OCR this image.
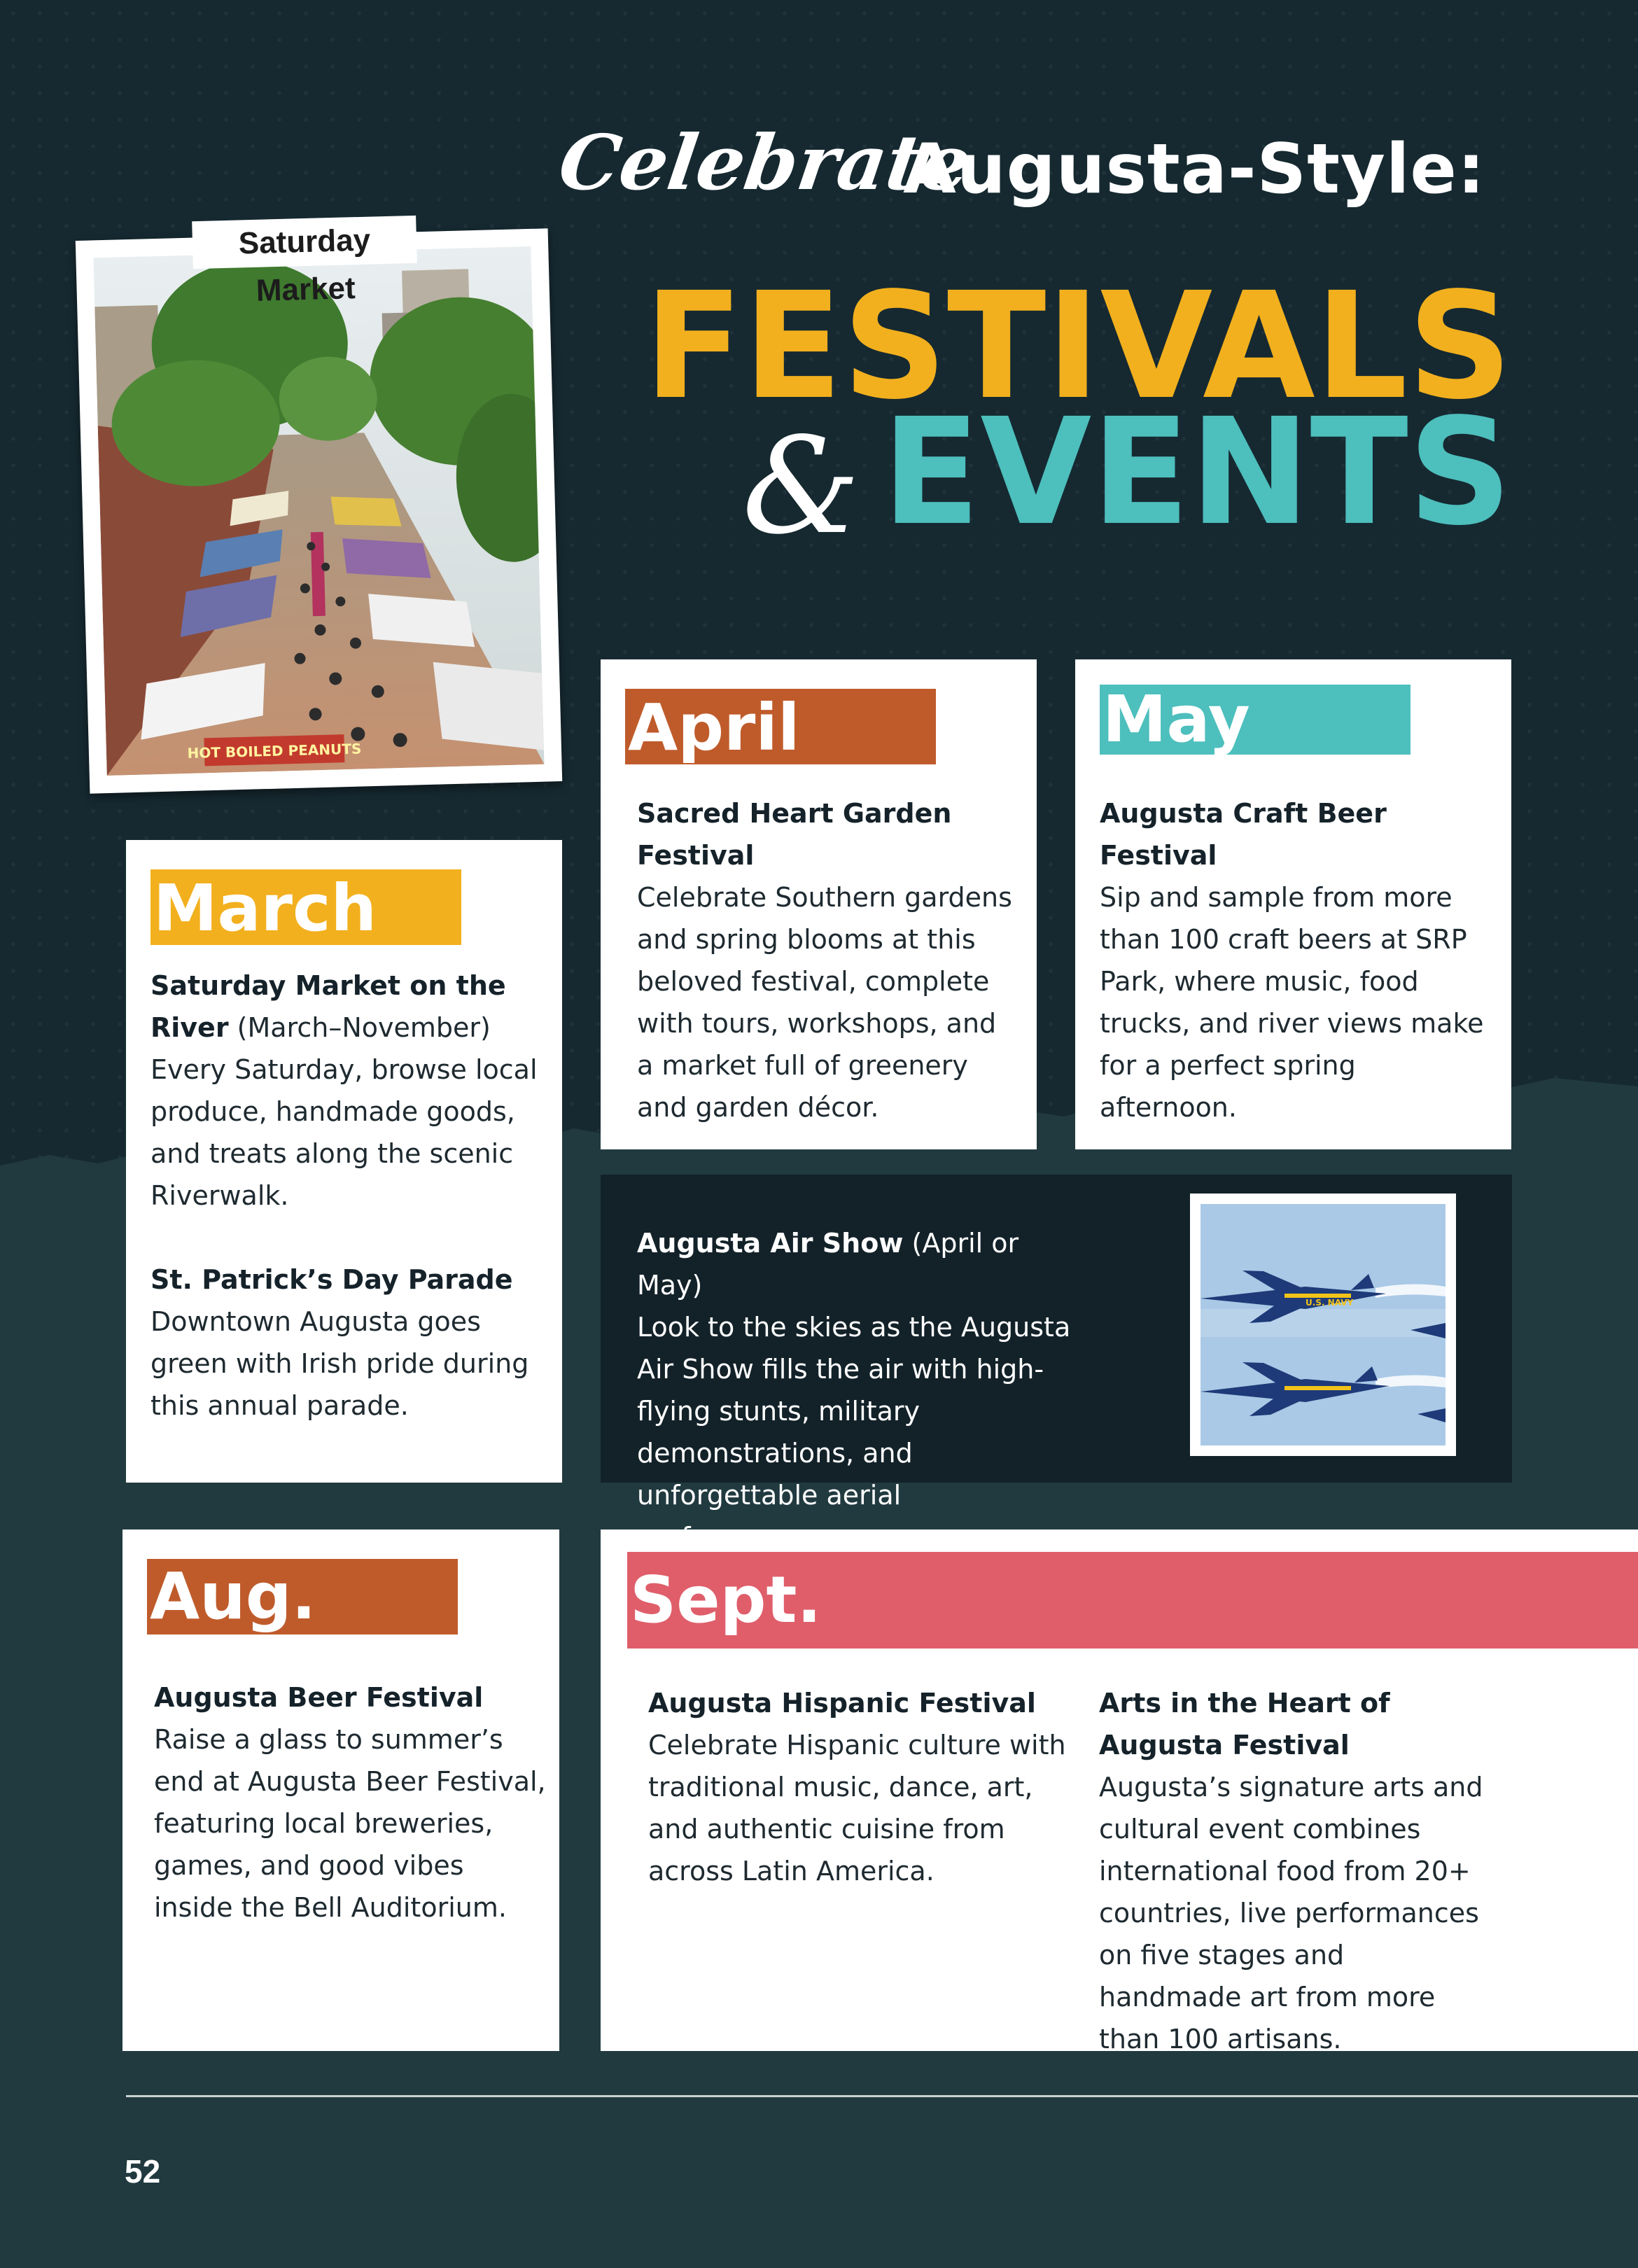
Celebrate
Augusta-Style:
FESTIVALS
& EVENTS
HOT BOILED PEANUTS
Saturday Market
March
Saturday Market on the River (March–November)
Every Saturday, browse local produce, handmade goods, and treats along the scenic Riverwalk.
St. Patrick’s Day Parade
Downtown Augusta goes green with Irish pride during this annual parade.
April
Sacred Heart Garden Festival
Celebrate Southern gardens and spring blooms at this beloved festival, complete with tours, workshops, and a market full of greenery and garden décor.
May
Augusta Craft Beer Festival
Sip and sample from more than 100 craft beers at SRP Park, where music, food trucks, and river views make for a perfect spring afternoon.
Augusta Air Show (April or May)
Look to the skies as the Augusta Air Show fills the air with high-flying stunts, military demonstrations, and unforgettable aerial
U.S. NAVY
Aug.
Augusta Beer Festival
Raise a glass to summer’s end at Augusta Beer Festival, featuring local breweries, games, and good vibes inside the Bell Auditorium.
Sept.
Augusta Hispanic Festival
Celebrate Hispanic culture with traditional music, dance, art, and authentic cuisine from across Latin America.
Arts in the Heart of Augusta Festival
Augusta’s signature arts and cultural event combines international food from 20+ countries, live performances on five stages and handmade art from more than 100 artisans.
52
